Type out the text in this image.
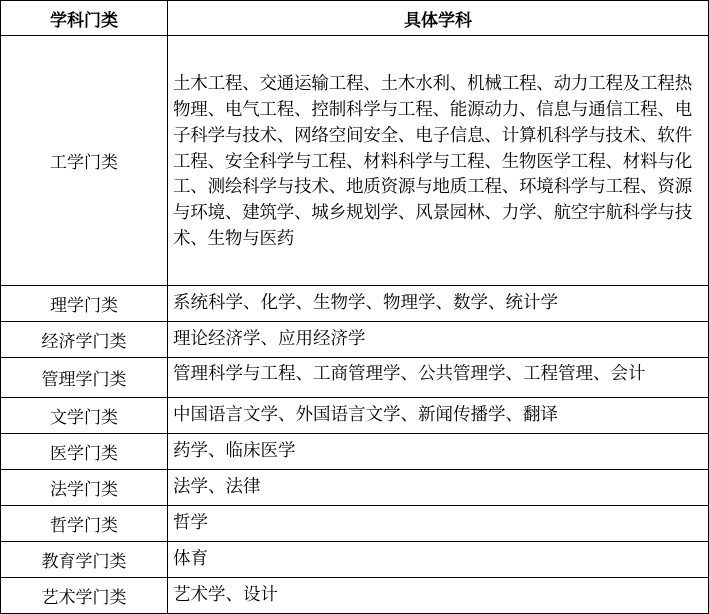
学科门类	具体学科
工学门类	土木工程、交通运输工程、土木水利、机械工程、动力工程及工程热物理、电气工程、控制科学与工程、能源动力、信息与通信工程、电子科学与技术、网络空间安全、电子信息、计算机科学与技术、软件工程、安全科学与工程、材料科学与工程、生物医学工程、材料与化工、测绘科学与技术、地质资源与地质工程、环境科学与工程、资源与环境、建筑学、城乡规划学、风景园林、力学、航空宇航科学与技术、生物与医药
理学门类	系统科学、化学、生物学、物理学、数学、统计学
经济学门类	理论经济学、应用经济学
管理学门类	管理科学与工程、工商管理学、公共管理学、工程管理、会计
文学门类	中国语言文学、外国语言文学、新闻传播学、翻译
医学门类	药学、临床医学
法学门类	法学、法律
哲学门类	哲学
教育学门类	体育
艺术学门类	艺术学、设计
